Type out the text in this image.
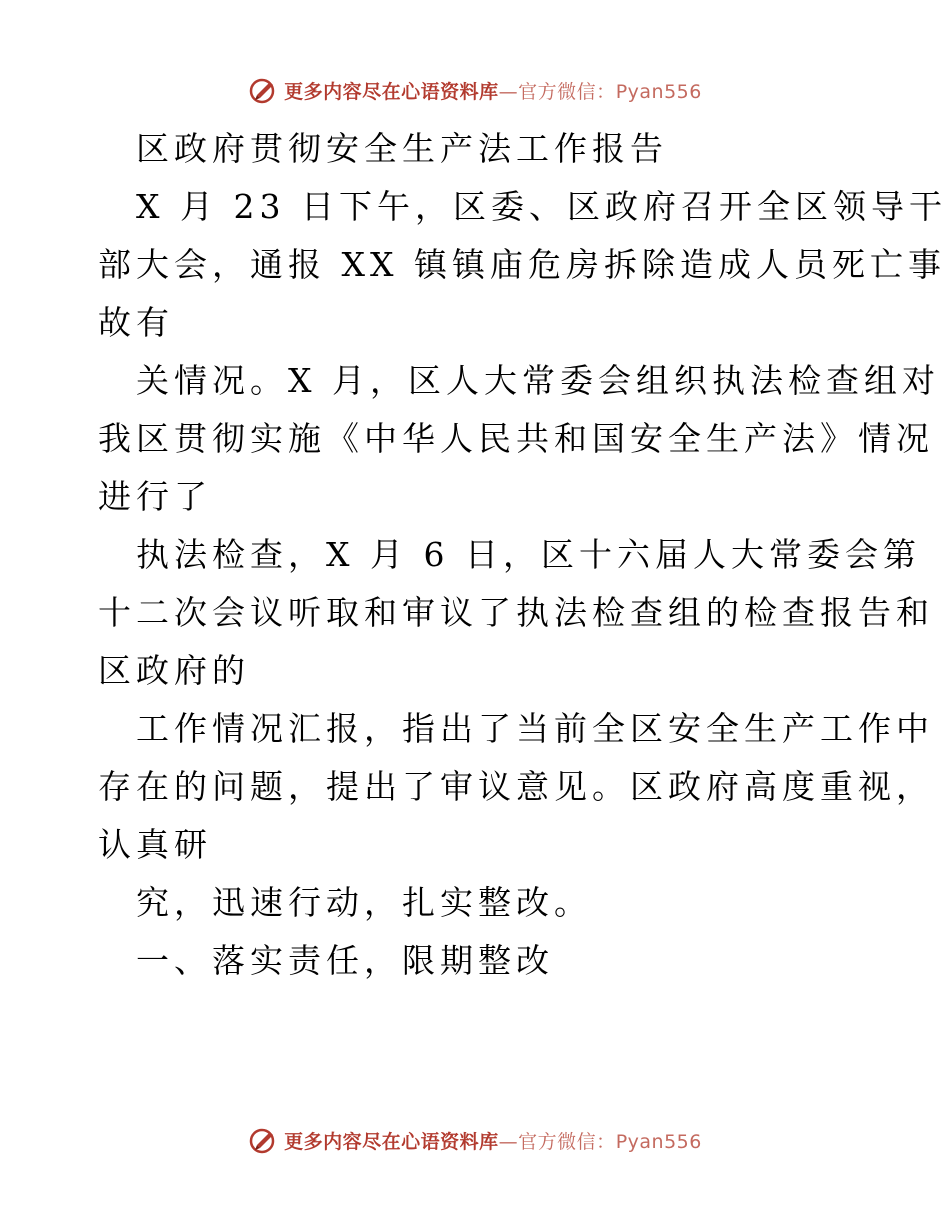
更多内容尽在心语资料库—官方微信：Pyan556
区政府贯彻安全生产法工作报告
X 月 23 日下午，区委、区政府召开全区领导干
部大会，通报 XX 镇镇庙危房拆除造成人员死亡事
故有
关情况。X 月，区人大常委会组织执法检查组对
我区贯彻实施《中华人民共和国安全生产法》情况
进行了
执法检查，X 月 6 日，区十六届人大常委会第
十二次会议听取和审议了执法检查组的检查报告和
区政府的
工作情况汇报，指出了当前全区安全生产工作中
存在的问题，提出了审议意见。区政府高度重视，
认真研
究，迅速行动，扎实整改。
一、落实责任，限期整改
更多内容尽在心语资料库—官方微信：Pyan556
